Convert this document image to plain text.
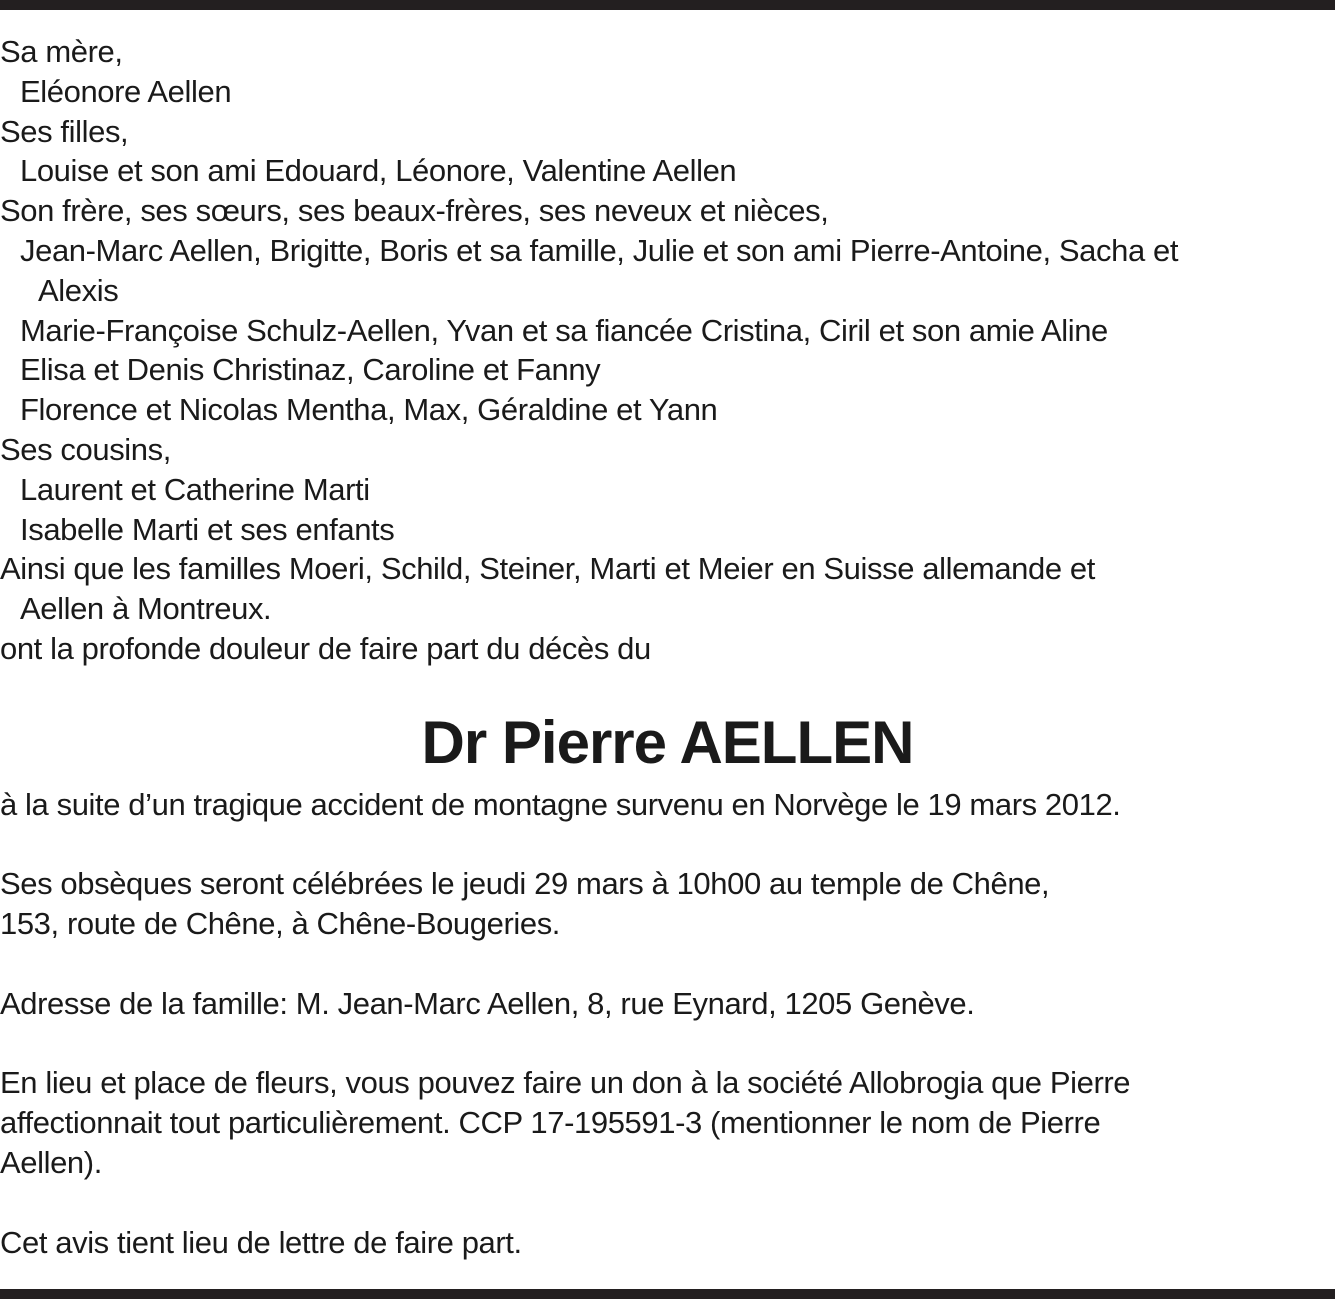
Sa mère,
Eléonore Aellen
Ses filles,
Louise et son ami Edouard, Léonore, Valentine Aellen
Son frère, ses sœurs, ses beaux-frères, ses neveux et nièces,
Jean-Marc Aellen, Brigitte, Boris et sa famille, Julie et son ami Pierre-Antoine, Sacha et
Alexis
Marie-Françoise Schulz-Aellen, Yvan et sa fiancée Cristina, Ciril et son amie Aline
Elisa et Denis Christinaz, Caroline et Fanny
Florence et Nicolas Mentha, Max, Géraldine et Yann
Ses cousins,
Laurent et Catherine Marti
Isabelle Marti et ses enfants
Ainsi que les familles Moeri, Schild, Steiner, Marti et Meier en Suisse allemande et
Aellen à Montreux.
ont la profonde douleur de faire part du décès du
Dr Pierre AELLEN
à la suite d’un tragique accident de montagne survenu en Norvège le 19 mars 2012.
Ses obsèques seront célébrées le jeudi 29 mars à 10h00 au temple de Chêne,
153, route de Chêne, à Chêne-Bougeries.
Adresse de la famille: M. Jean-Marc Aellen, 8, rue Eynard, 1205 Genève.
En lieu et place de fleurs, vous pouvez faire un don à la société Allobrogia que Pierre
affectionnait tout particulièrement. CCP 17-195591-3 (mentionner le nom de Pierre
Aellen).
Cet avis tient lieu de lettre de faire part.
